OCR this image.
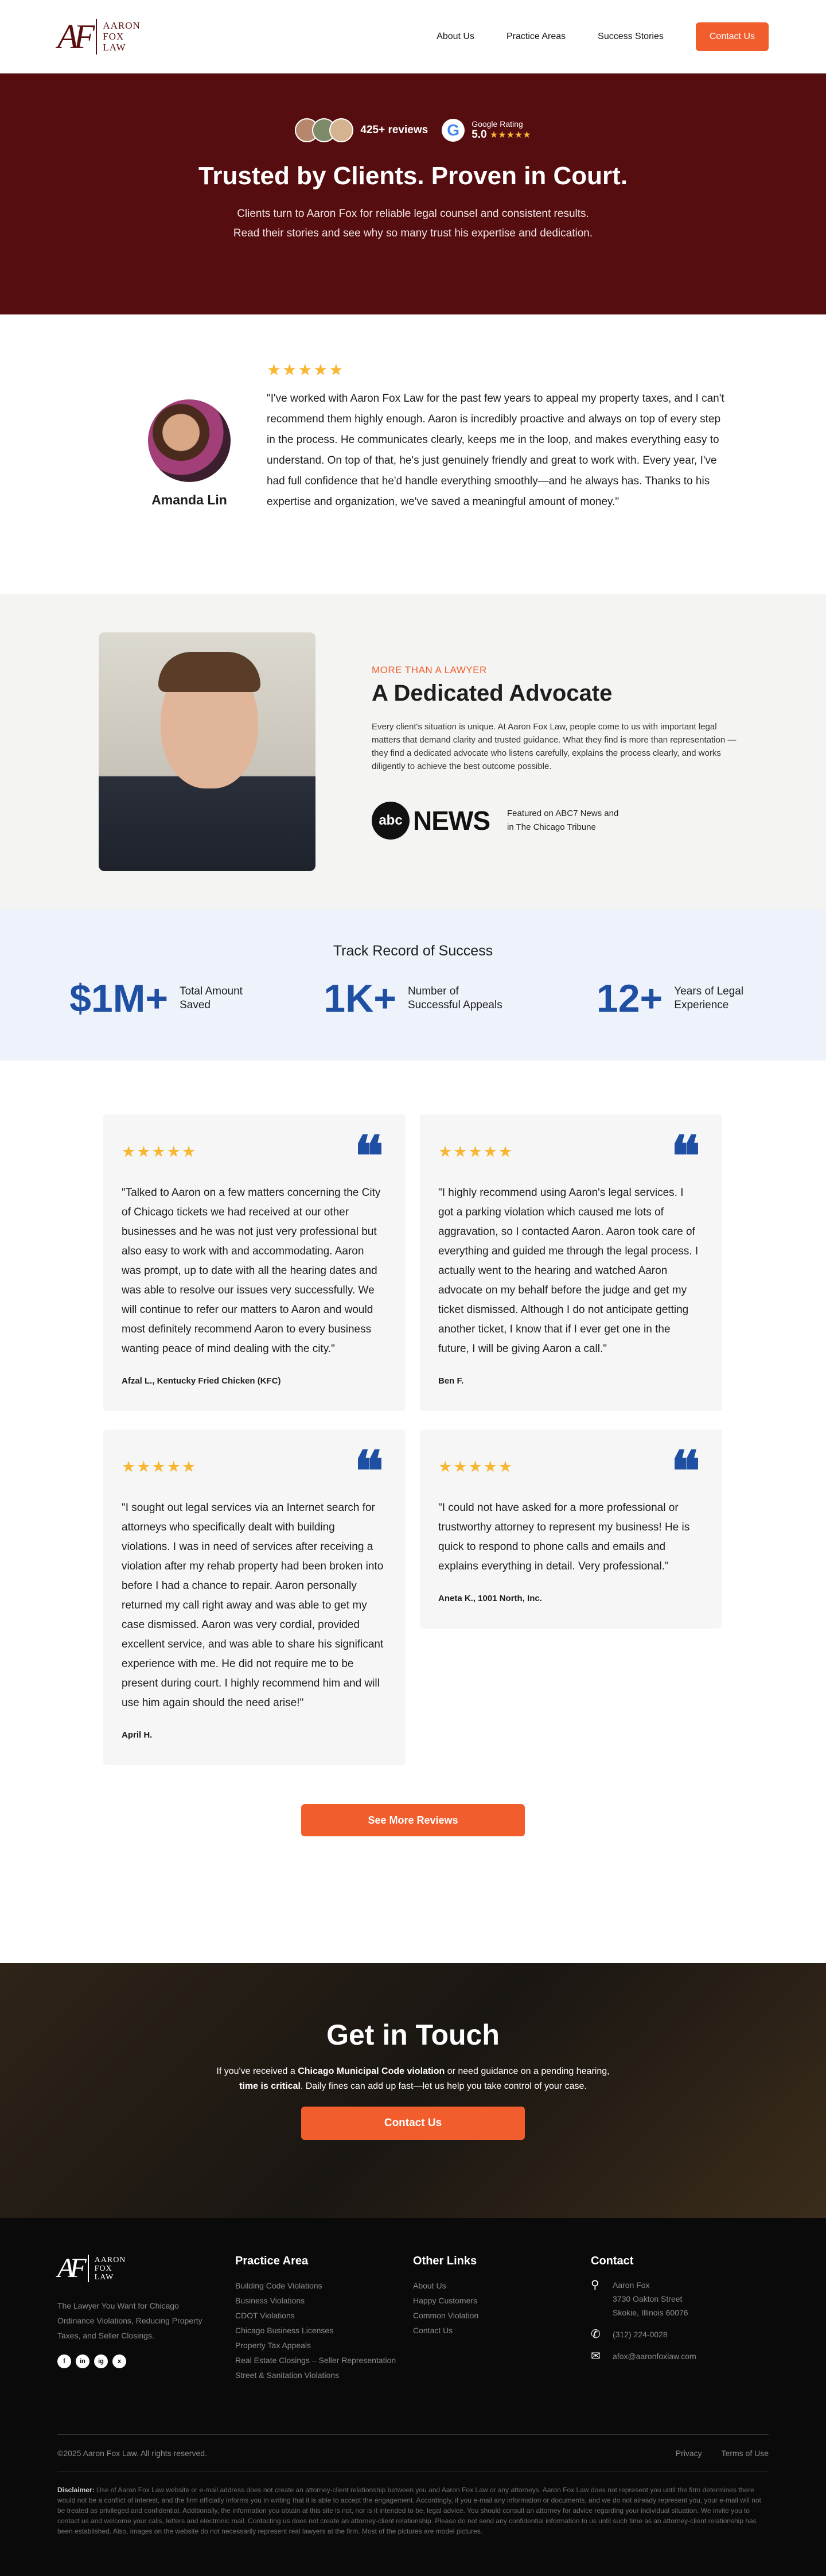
AF AARON
FOX
LAW
About Us	Practice Areas	Success Stories	Contact Us
425+ reviews	G	Google Rating
5.0 ★★★★★
Trusted by Clients. Proven in Court.

Clients turn to Aaron Fox for reliable legal counsel and consistent results.
Read their stories and see why so many trust his expertise and dedication.

Amanda Lin
★★★★★

"I've worked with Aaron Fox Law for the past few years to appeal my property taxes, and I can't recommend them highly enough. Aaron is incredibly proactive and always on top of every step in the process. He communicates clearly, keeps me in the loop, and makes everything easy to understand. On top of that, he's just genuinely friendly and great to work with. Every year, I've had full confidence that he'd handle everything smoothly—and he always has. Thanks to his expertise and organization, we've saved a meaningful amount of money."

MORE THAN A LAWYER
A Dedicated Advocate

Every client's situation is unique. At Aaron Fox Law, people come to us with important legal matters that demand clarity and trusted guidance. What they find is more than representation — they find a dedicated advocate who listens carefully, explains the process clearly, and works diligently to achieve the best outcome possible.

abc NEWS Featured on ABC7 News and
in The Chicago Tribune
Track Record of Success
$1M+ Total Amount
Saved	1K+ Number of
Successful Appeals 12+ Years of Legal
Experience
★★★★★	❝

"Talked to Aaron on a few matters concerning the City of Chicago tickets we had received at our other businesses and he was not just very professional but also easy to work with and accommodating. Aaron was prompt, up to date with all the hearing dates and was able to resolve our issues very successfully. We will continue to refer our matters to Aaron and would most definitely recommend Aaron to every business wanting peace of mind dealing with the city."

Afzal L., Kentucky Fried Chicken (KFC)
★★★★★	❝

"I sought out legal services via an Internet search for attorneys who specifically dealt with building violations. I was in need of services after receiving a violation after my rehab property had been broken into before I had a chance to repair. Aaron personally returned my call right away and was able to get my case dismissed. Aaron was very cordial, provided excellent service, and was able to share his significant experience with me. He did not require me to be present during court. I highly recommend him and will use him again should the need arise!"

April H.
★★★★★	❝

"I highly recommend using Aaron's legal services. I got a parking violation which caused me lots of aggravation, so I contacted Aaron. Aaron took care of everything and guided me through the legal process. I actually went to the hearing and watched Aaron advocate on my behalf before the judge and get my ticket dismissed. Although I do not anticipate getting another ticket, I know that if I ever get one in the future, I will be giving Aaron a call."

Ben F.
★★★★★	❝

"I could not have asked for a more professional or trustworthy attorney to represent my business! He is quick to respond to phone calls and emails and explains everything in detail. Very professional."

Aneta K., 1001 North, Inc.
See More Reviews
Get in Touch

If you've received a Chicago Municipal Code violation or need guidance on a pending hearing,
time is critical. Daily fines can add up fast—let us help you take control of your case.

Contact Us
AF AARON
FOX
LAW

The Lawyer You Want for Chicago Ordinance Violations, Reducing Property Taxes, and Seller Closings.

f	in	ig	x
Practice Area
Building Code Violations
Business Violations
CDOT Violations
Chicago Business Licenses
Property Tax Appeals
Real Estate Closings – Seller Representation
Street & Sanitation Violations
Other Links
About Us
Happy Customers
Common Violation
Contact Us
Contact
⚲ Aaron Fox
3730 Oakton Street
Skokie, Illinois 60076
✆ (312) 224-0028
✉ afox@aaronfoxlaw.com
©2025 Aaron Fox Law. All rights reserved.	Privacy Terms of Use

Disclaimer: Use of Aaron Fox Law website or e-mail address does not create an attorney-client relationship between you and Aaron Fox Law or any attorneys. Aaron Fox Law does not represent you until the firm determines there would not be a conflict of interest, and the firm officially informs you in writing that it is able to accept the engagement. Accordingly, if you e-mail any information or documents, and we do not already represent you, your e-mail will not be treated as privileged and confidential. Additionally, the information you obtain at this site is not, nor is it intended to be, legal advice. You should consult an attorney for advice regarding your individual situation. We invite you to contact us and welcome your calls, letters and electronic mail. Contacting us does not create an attorney-client relationship. Please do not send any confidential information to us until such time as an attorney-client relationship has been established. Also, images on the website do not necessarily represent real lawyers at the firm. Most of the pictures are model pictures.
